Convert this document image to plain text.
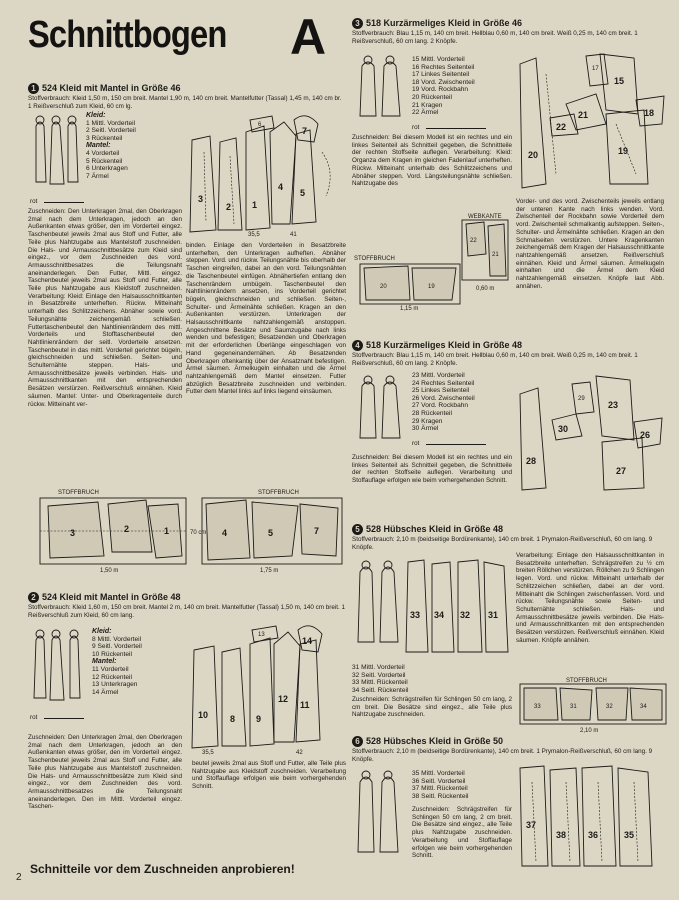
Schnittbogen A
1 524 Kleid mit Mantel in Größe 46
Stoffverbrauch: Kleid 1,50 m, 150 cm breit. Mantel 1,90 m, 140 cm breit. Mantelfutter (Tassal) 1,45 m, 140 cm br. 1 Reißverschluß zum Kleid, 60 cm lg.
Kleid:
1 Mittl. Vorderteil
2 Seitl. Vorderteil
3 Rückenteil
Mantel:
4 Vorderteil
5 Rückenteil
6 Unterkragen
7 Ärmel
rot	3
2 1
4
5
7
6
35,5	41
Zuschneiden: Den Unterkragen 2mal, den Oberkragen 2mal nach dem Unterkragen, jedoch an den Außenkanten etwas größer, den im Vorderteil eingez. Taschenbeutel jeweils 2mal aus Stoff und Futter, alle Teile plus Nahtzugabe aus Mantelstoff zuschneiden. Die Hals- und Armausschnittbesätze zum Kleid sind eingez., vor dem Zuschneiden des vord. Armausschnittbesatzes die Teilungsnaht aneinanderlegen. Den Futter, Mittl. eingez. Taschenbeutel jeweils 2mal aus Stoff und Futter, alle Teile plus Nahtzugabe aus Kleidstoff zuschneiden. Verarbeitung: Kleid: Einlage den Halsausschnittkanten in Besatzbreite unterheften. Rückw. Mitteinaht unterhalb des Schlitzzeichens. Abnäher sowie vord. Teilungsnähte zeichengemäß schließen. Futtertaschenbeutel den Nahtlinienrändern des mittl. Vorderteils und Stofftaschenbeutel den Nahtlinienrändern der seitl. Vorderteile ansetzen. Taschenbeutel in das mittl. Vorderteil gerichtet bügeln, gleichschneiden und schließen. Seiten- und Schulternähte steppen. Hals- und Armausschnittbesätze jeweils verbinden. Hals- und Armausschnittkanten mit den entsprechenden Besätzen verstürzen. Reißverschluß einnähen. Kleid säumen. Mantel: Unter- und Oberkragenteile durch rückw. Mitteinaht ver-
binden. Einlage den Vorderteilen in Besatzbreite unterheften, den Unterkragen aufheften. Abnäher steppen. Vord. und rückw. Teilungsnähte bis oberhalb der Taschen eingreifen, dabei an den vord. Teilungsnähten die Taschenbeutel einfügen. Abnähertiefen entlang den Taschenrändern umbügeln. Taschenbeutel den Nahtlinienrändern ansetzen, ins Vorderteil gerichtet bügeln, gleichschneiden und schließen. Seiten-, Schulter- und Ärmelnähte schließen. Kragen an den Außenkanten verstürzen. Unterkragen der Halsausschnittkante nahtzahlengemäß anstoppen. Angeschnittene Besätze und Saumzugabe nach links wenden und befestigen; Besatzenden und Oberkragen mit der erforderlichen Überlänge eingeschlagen von Hand gegeneinandernähen. Ab Besatzenden Oberkragen oftenkantig über der Ansatznaht befestigen. Ärmel säumen. Ärmelkugeln einhalten und die Ärmel nahtzahlengemäß dem Mantel einsetzen. Futter abzüglich Besatzbreite zuschneiden und verbinden. Futter dem Mantel links auf links liegend einsäumen.
STOFFBRUCH
3	2	1
1,50 m
STOFFBRUCH
4	5	7
70 cm
1,75 m
2 524 Kleid mit Mantel in Größe 48
Stoffverbrauch: Kleid 1,60 m, 150 cm breit. Mantel 2 m, 140 cm breit. Mantelfutter (Tassal) 1,50 m, 140 cm breit. 1 Reißverschluß zum Kleid, 60 cm lang.
Kleid:
8 Mittl. Vorderteil
9 Seitl. Vorderteil
10 Rückenteil
Mantel:
11 Vorderteil
12 Rückenteil
13 Unterkragen
14 Ärmel
rot	10 8 9
12
11
14
13
35,5	42
Zuschneiden: Den Unterkragen 2mal, den Oberkragen 2mal nach dem Unterkragen, jedoch an den Außenkanten etwas größer, den im Vorderteil eingez. Taschenbeutel jeweils 2mal aus Stoff und Futter, alle Teile plus Nahtzugabe aus Mantelstoff zuschneiden. Die Hals- und Armausschnittbesätze zum Kleid sind eingez., vor dem Zuschneiden des vord. Armausschnittbesatzes die Teilungsnaht aneinanderlegen. Den im Mittl. Vorderteil eingez. Taschen-
beutel jeweils 2mal aus Stoff und Futter, alle Teile plus Nahtzugabe aus Kleidstoff zuschneiden. Verarbeitung und Stoffauflage erfolgen wie beim vorhergehenden Schnitt.
3 518 Kurzärmeliges Kleid in Größe 46
Stoffverbrauch: Blau 1,15 m, 140 cm breit. Hellblau 0,60 m, 140 cm breit. Weiß 0,25 m, 140 cm breit. 1 Reißverschluß, 60 cm lang. 2 Knöpfe.
15 Mittl. Vorderteil
16 Rechtes Seitenteil
17 Linkes Seitenteil
18 Vord. Zwischenteil
19 Vord. Rockbahn
20 Rückenteil
21 Kragen
22 Ärmel
rot
20
15
17
21
22
19
18
Zuschneiden: Bei diesem Modell ist ein rechtes und ein linkes Seitenteil als Schnitteil gegeben, die Schnittteile der rechten Stoffseite auflegen. Verarbeitung: Kleid: Organza dem Kragen im gleichen Fadenlauf unterheften. Rückw. Mitteinaht unterhalb des Schlitzzeichens und Abnäher steppen. Vord. Längsteilungsnähte schließen. Nahtzugabe des
Vorder- und des vord. Zwischenteils jeweils entlang der unteren Kante nach links wenden. Vord. Zwischenteil der Rockbahn sowie Vorderteil dem vord. Zwischenteil schmalkantig aufsteppen. Seiten-, Schulter- und Ärmelnähte schließen. Kragen an den Schmalseiten verstürzen. Untere Kragenkanten zeichengemäß dem Kragen der Halsausschnittkante nahtzahlengemäß ansetzen. Reißverschluß einnähen. Kleid und Ärmel säumen. Ärmelkugeln einhalten und die Ärmel dem Kleid nahtzahlengemäß einsetzen. Knöpfe laut Abb. annähen.
WEBKANTE
22
21
STOFFBRUCH
20	19
1,15 m
0,60 m
4 518 Kurzärmeliges Kleid in Größe 48
Stoffverbrauch: Blau 1,15 m, 140 cm breit. Hellblau 0,60 m, 140 cm breit. Weiß 0,25 m, 140 cm breit. 1 Reißverschluß, 60 cm lang. 2 Knöpfe.
23 Mittl. Vorderteil
24 Rechtes Seitenteil
25 Linkes Seitenteil
26 Vord. Zwischenteil
27 Vord. Rockbahn
28 Rückenteil
29 Kragen
30 Ärmel
rot
28
23
29
30
27
26
Zuschneiden: Bei diesem Modell ist ein rechtes und ein linkes Seitenteil als Schnitteil gegeben, die Schnittteile der rechten Stoffseite auflegen. Verarbeitung und Stoffauflage erfolgen wie beim vorhergehenden Schnitt.
5 528 Hübsches Kleid in Größe 48
Stoffverbrauch: 2,10 m (beidseitige Bordürenkante), 140 cm breit. 1 Prymalon-Reißverschluß, 60 cm lang. 9 Knöpfe.
33 34 32 31
31 Mittl. Vorderteil
32 Seitl. Vorderteil
33 Mittl. Rückenteil
34 Seitl. Rückenteil
Zuschneiden: Schrägstreifen für Schlingen 50 cm lang, 2 cm breit. Die Besätze sind eingez., alle Teile plus Nahtzugabe zuschneiden.
Verarbeitung: Einlage den Halsausschnittkanten in Besatzbreite unterheften. Schrägstreifen zu ½ cm breiten Röllchen verstürzen. Röllchen zu 9 Schlingen legen. Vord. und rückw. Mitteinaht unterhalb der Schlitzzeichen schließen, dabei an der vord. Mitteinaht die Schlingen zwischenfassen. Vord. und rückw. Teilungsnähte sowie Seiten- und Schulternähte schließen. Hals- und Armausschnittbesätze jeweils verbinden. Die Hals- und Armausschnittkanten mit den entsprechenden Besätzen verstürzen. Reißverschluß einnähen. Kleid säumen. Knöpfe annähen.
STOFFBRUCH
33	31	32	34
2,10 m
6 528 Hübsches Kleid in Größe 50
Stoffverbrauch: 2,10 m (beidseitige Bordürenkante), 140 cm breit. 1 Prymalon-Reißverschluß, 60 cm lang. 9 Knöpfe.
35 Mittl. Vorderteil
36 Seitl. Vorderteil
37 Mittl. Rückenteil
38 Seitl. Rückenteil
Zuschneiden: Schrägstreifen für Schlingen 50 cm lang, 2 cm breit. Die Besätze sind eingez., alle Teile plus Nahtzugabe zuschneiden. Verarbeitung und Stoffauflage erfolgen wie beim vorhergehenden Schnitt.
37
38 36	35
Schnitteile vor dem Zuschneiden anprobieren!
2
